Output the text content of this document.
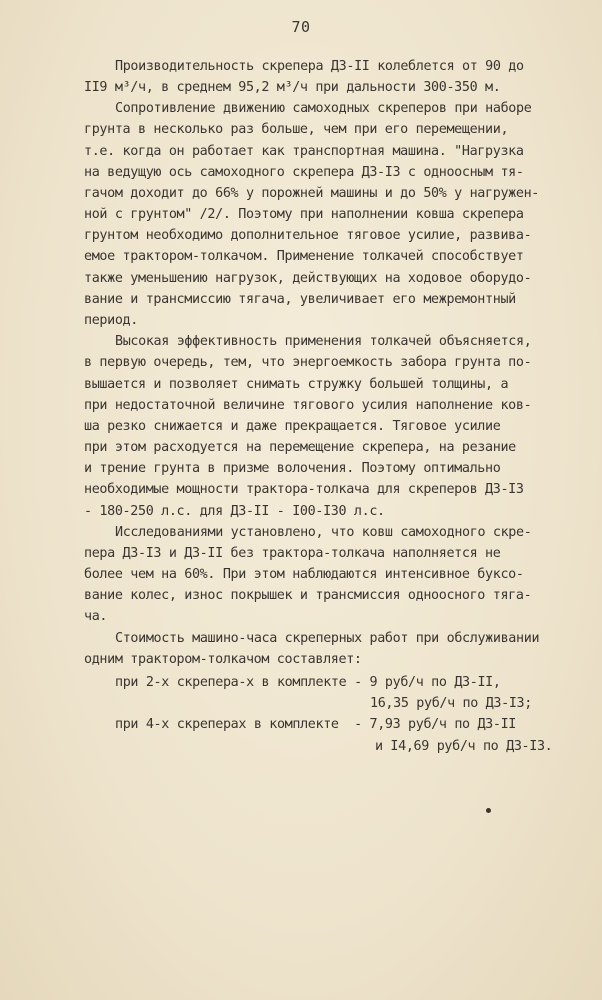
70
Производительность скрепера ДЗ-II колеблется от 90 до
II9 м³/ч, в среднем 95,2 м³/ч при дальности 300-350 м.
Сопротивление движению самоходных скреперов при наборе
грунта в несколько раз больше, чем при его перемещении,
т.е. когда он работает как транспортная машина. "Нагрузка
на ведущую ось самоходного скрепера ДЗ-I3 с одноосным тя-
гачом доходит до 66% у порожней машины и до 50% у нагружен-
ной с грунтом" /2/. Поэтому при наполнении ковша скрепера
грунтом необходимо дополнительное тяговое усилие, развива-
емое трактором-толкачом. Применение толкачей способствует
также уменьшению нагрузок, действующих на ходовое оборудо-
вание и трансмиссию тягача, увеличивает его межремонтный
период.
Высокая эффективность применения толкачей объясняется,
в первую очередь, тем, что энергоемкость забора грунта по-
вышается и позволяет снимать стружку большей толщины, а
при недостаточной величине тягового усилия наполнение ков-
ша резко снижается и даже прекращается. Тяговое усилие
при этом расходуется на перемещение скрепера, на резание
и трение грунта в призме волочения. Поэтому оптимально
необходимые мощности трактора-толкача для скреперов ДЗ-I3
- 180-250 л.с. для ДЗ-II - I00-I30 л.с.
Исследованиями установлено, что ковш самоходного скре-
пера ДЗ-I3 и ДЗ-II без трактора-толкача наполняется не
более чем на 60%. При этом наблюдаются интенсивное буксо-
вание колес, износ покрышек и трансмиссия одноосного тяга-
ча.
Стоимость машино-часа скреперных работ при обслуживании
одним трактором-толкачом составляет:
при 2-х скрепера-х в комплекте - 9 руб/ч по ДЗ-II,
16,35 руб/ч по ДЗ-I3;
при 4-х скреперах в комплекте  - 7,93 руб/ч по ДЗ-II
и I4,69 руб/ч по ДЗ-I3.
